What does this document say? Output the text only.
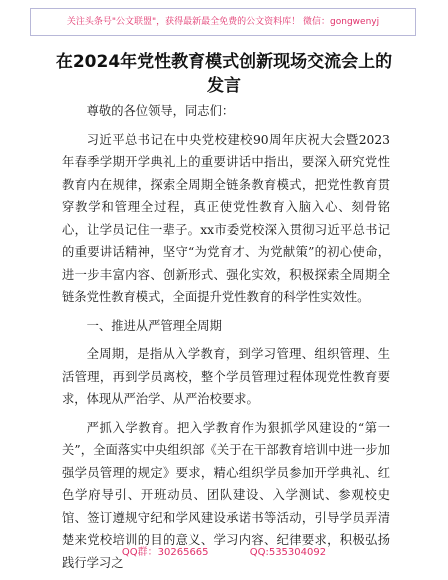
关注头条号"公文联盟"，获得最新最全免费的公文资料库！ 微信：gongwenyj
在2024年党性教育模式创新现场交流会上的发言

尊敬的各位领导，同志们：

习近平总书记在中央党校建校90周年庆祝大会暨2023年春季学期开学典礼上的重要讲话中指出，要深入研究党性教育内在规律，探索全周期全链条教育模式，把党性教育贯穿教学和管理全过程，真正使党性教育入脑入心、刻骨铭心，让学员记住一辈子。xx市委党校深入贯彻习近平总书记的重要讲话精神，坚守“为党育才、为党献策”的初心使命，进一步丰富内容、创新形式、强化实效，积极探索全周期全链条党性教育模式，全面提升党性教育的科学性实效性。

一、推进从严管理全周期

全周期，是指从入学教育，到学习管理、组织管理、生活管理，再到学员离校，整个学员管理过程体现党性教育要求，体现从严治学、从严治校要求。

严抓入学教育。把入学教育作为狠抓学风建设的“第一关”，全面落实中央组织部《关于在干部教育培训中进一步加强学员管理的规定》要求，精心组织学员参加开学典礼、红色学府导引、开班动员、团队建设、入学测试、参观校史馆、签订遵规守纪和学风建设承诺书等活动，引导学员弄清楚来党校培训的目的意义、学习内容、纪律要求，积极弘扬践行学习之

QQ群：30265665	QQ:535304092
